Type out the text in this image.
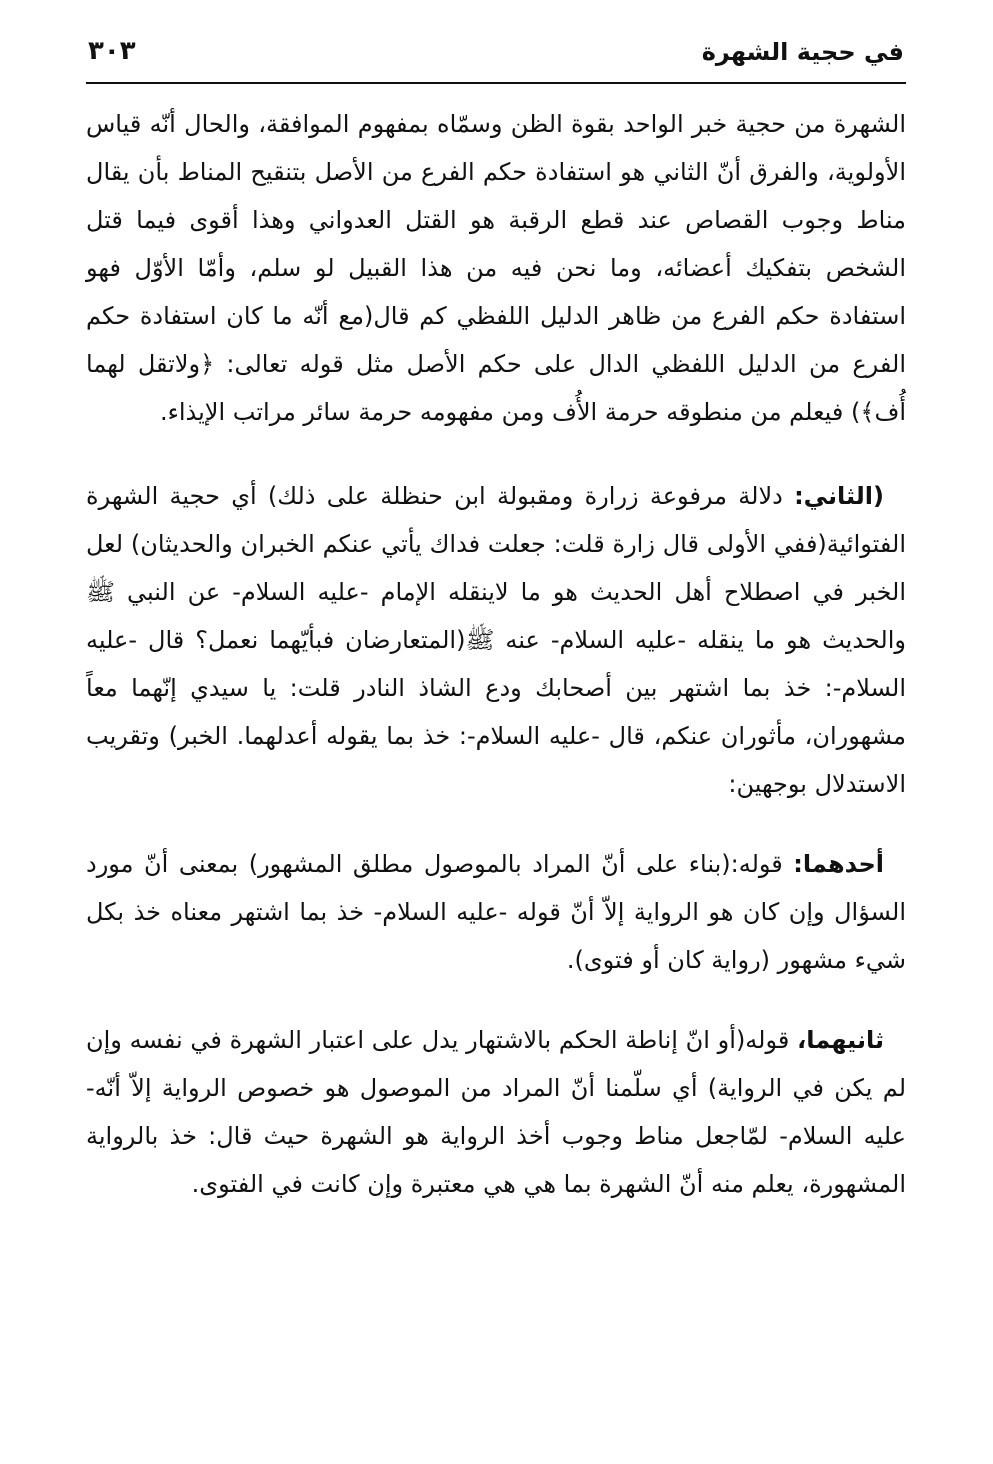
في حجية الشهرة
٣٠٣

الشهرة من حجية خبر الواحد بقوة الظن وسمّاه بمفهوم الموافقة، والحال أنّه قياس الأولوية، والفرق أنّ الثاني هو استفادة حكم الفرع من الأصل بتنقيح المناط بأن يقال مناط وجوب القصاص عند قطع الرقبة هو القتل العدواني وهذا أقوى فيما قتل الشخص بتفكيك أعضائه، وما نحن فيه من هذا القبيل لو سلم، وأمّا الأوّل فهو استفادة حكم الفرع من ظاهر الدليل اللفظي كم قال(مع أنّه ما كان استفادة حكم الفرع من الدليل اللفظي الدال على حكم الأصل مثل قوله تعالى: ﴿ولاتقل لهما أُف﴾) فيعلم من منطوقه حرمة الأُف ومن مفهومه حرمة سائر مراتب الإيذاء.

(الثاني: دلالة مرفوعة زرارة ومقبولة ابن حنظلة على ذلك) أي حجية الشهرة الفتوائية(ففي الأولى قال زارة قلت: جعلت فداك يأتي عنكم الخبران والحديثان) لعل الخبر في اصطلاح أهل الحديث هو ما لاينقله الإمام -عليه السلام- عن النبي ﷺ والحديث هو ما ينقله -عليه السلام- عنه ﷺ(المتعارضان فبأيّهما نعمل؟ قال -عليه السلام-: خذ بما اشتهر بين أصحابك ودع الشاذ النادر قلت: يا سيدي إنّهما معاً مشهوران، مأثوران عنكم، قال -عليه السلام-: خذ بما يقوله أعدلهما. الخبر) وتقريب الاستدلال بوجهين:

أحدهما: قوله:(بناء على أنّ المراد بالموصول مطلق المشهور) بمعنى أنّ مورد السؤال وإن كان هو الرواية إلاّ أنّ قوله -عليه السلام- خذ بما اشتهر معناه خذ بكل شيء مشهور (رواية كان أو فتوى).

ثانيهما، قوله(أو انّ إناطة الحكم بالاشتهار يدل على اعتبار الشهرة في نفسه وإن لم يكن في الرواية) أي سلّمنا أنّ المراد من الموصول هو خصوص الرواية إلاّ أنّه-عليه السلام- لمّاجعل مناط وجوب أخذ الرواية هو الشهرة حيث قال: خذ بالرواية المشهورة، يعلم منه أنّ الشهرة بما هي هي معتبرة وإن كانت في الفتوى.
